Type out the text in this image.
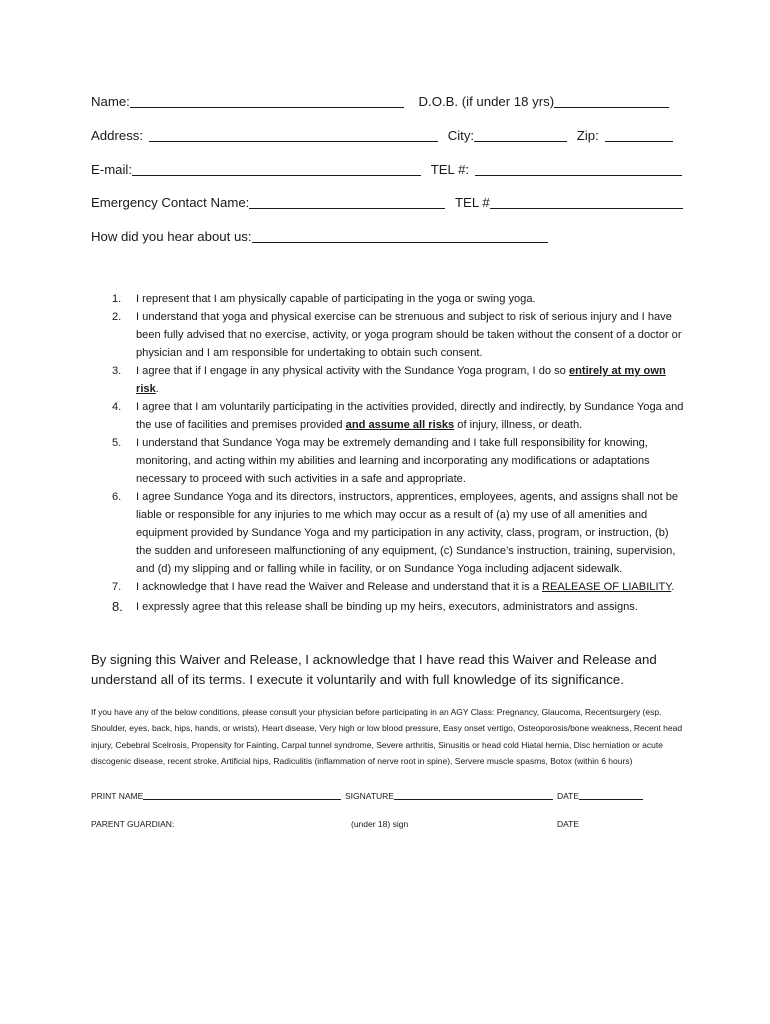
Name:	D.O.B. (if under 18 yrs)
Address:	City:	Zip:
E-mail:	TEL #:
Emergency Contact Name:	TEL #
How did you hear about us:
1. I represent that I am physically capable of participating in the yoga or swing yoga.
2. I understand that yoga and physical exercise can be strenuous and subject to risk of serious injury and I have been fully advised that no exercise, activity, or yoga program should be taken without the consent of a doctor or physician and I am responsible for undertaking to obtain such consent.
3. I agree that if I engage in any physical activity with the Sundance Yoga program, I do so entirely at my own risk.
4. I agree that I am voluntarily participating in the activities provided, directly and indirectly, by Sundance Yoga and the use of facilities and premises provided and assume all risks of injury, illness, or death.
5. I understand that Sundance Yoga may be extremely demanding and I take full responsibility for knowing, monitoring, and acting within my abilities and learning and incorporating any modifications or adaptations necessary to proceed with such activities in a safe and appropriate.
6. I agree Sundance Yoga and its directors, instructors, apprentices, employees, agents, and assigns shall not be liable or responsible for any injuries to me which may occur as a result of (a) my use of all amenities and equipment provided by Sundance Yoga and my participation in any activity, class, program, or instruction, (b) the sudden and unforeseen malfunctioning of any equipment, (c) Sundance’s instruction, training, supervision, and (d) my slipping and or falling while in facility, or on Sundance Yoga including adjacent sidewalk.
7. I acknowledge that I have read the Waiver and Release and understand that it is a REALEASE OF LIABILITY.
8. I expressly agree that this release shall be binding up my heirs, executors, administrators and assigns.
By signing this Waiver and Release, I acknowledge that I have read this Waiver and Release and understand all of its terms. I execute it voluntarily and with full knowledge of its significance.
If you have any of the below conditions, please consult your physician before participating in an AGY Class: Pregnancy, Glaucoma, Recentsurgery (esp. Shoulder, eyes, back, hips, hands, or wrists), Heart disease, Very high or low blood pressure, Easy onset vertigo, Osteoporosis/bone weakness, Recent head injury, Cebebral Scelrosis, Propensity for Fainting, Carpal tunnel syndrome, Severe arthritis, Sinusitis or head cold Hiatal hernia, Disc herniation or acute discogenic disease, recent stroke, Artificial hips, Radiculitis (inflammation of nerve root in spine), Servere muscle spasms, Botox (within 6 hours)
PRINT NAME	SIGNATURE	DATE
PARENT GUARDIAN:	(under 18) sign	DATE
